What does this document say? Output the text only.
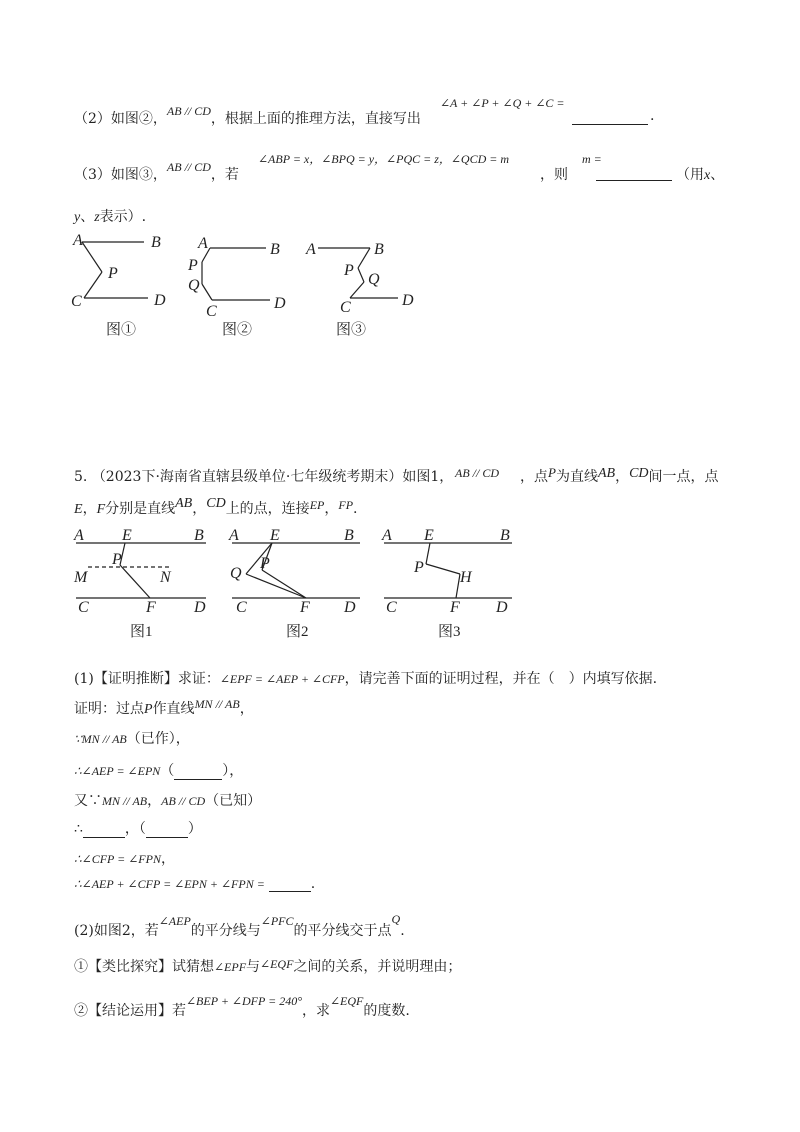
（2）如图②，AB // CD，根据上面的推理方法，直接写出
∠A + ∠P + ∠Q + ∠C =
.
（3）如图③，AB // CD，若
∠ABP = x，∠BPQ = y，∠PQC = z，∠QCD = m
，则
m =
（用x、
y、z表示）.
A	B
P
C	D
图①
A	B
P
Q
C	D
图②
A	B
P
Q
C	D
图③
5. （2023下·海南省直辖县级单位·七年级统考期末）如图1， AB // CD ，点P为直线AB，CD间一点，点
E，F分别是直线AB，CD上的点，连接EP，FP.
A E	B
P
M	N
C	F D
图1
A E	B
Q
P
C	F D
图2
A E	B
P
H
C	F D
图3
(1)【证明推断】求证：∠EPF = ∠AEP + ∠CFP，请完善下面的证明过程，并在（　）内填写依据.
证明：过点P作直线MN // AB，
∵MN // AB（已作），
∴∠AEP = ∠EPN（	），
又∵MN // AB，AB // CD（已知）
∴	，（	）
∴∠CFP = ∠FPN，
∴∠AEP + ∠CFP = ∠EPN + ∠FPN =	.
(2)如图2，若∠AEP的平分线与∠PFC的平分线交于点Q.
①【类比探究】试猜想∠EPF与∠EQF之间的关系，并说明理由；
②【结论运用】若∠BEP + ∠DFP = 240°，求∠EQF的度数.
